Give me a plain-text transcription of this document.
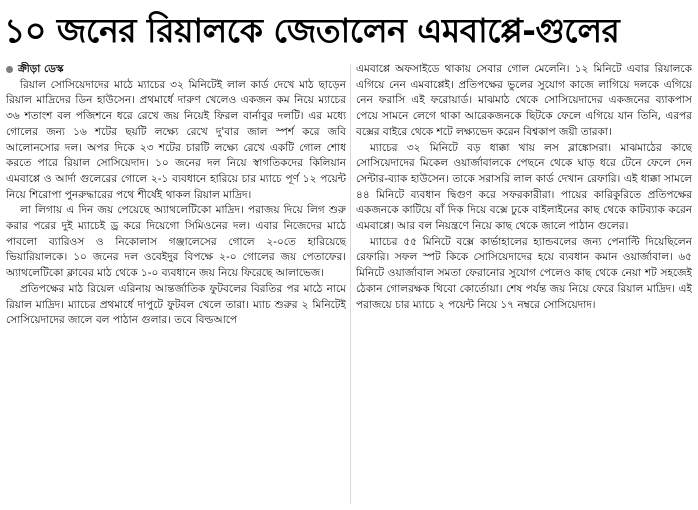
১০ জনের রিয়ালকে জেতালেন এমবাপ্পে-গুলের
ক্রীড়া ডেস্ক

রিয়াল সোসিয়েদাদের মাঠে ম্যাচের ৩২ মিনিটেই লাল কার্ড দেখে মাঠ ছাড়েন রিয়াল মাদ্রিদের ডিন হাউসেন। প্রথমার্ধে দারুণ খেলেও একজন কম নিয়ে ম্যাচের ৩৬ শতাংশ বল পজিশনে ধরে রেখে জয় নিয়েই ফিরল বার্নাবুর দলটি। এর মধ্যে গোলের জন্য ১৬ শটের ছয়টি লক্ষ্যে রেখে দু'বার জাল স্পর্শ করে জবি আলোনসোর দল। অপর দিকে ২৩ শটের চারটি লক্ষ্যে রেখে একটি গোল শোধ করতে পারে রিয়াল সোসিয়েদাদ। ১০ জনের দল নিয়ে স্বাগতিকদের কিলিয়ান এমবাপ্পে ও আর্দা গুলেরের গোলে ২-১ ব্যবধানে হারিয়ে চার ম্যাচে পূর্ণ ১২ পয়েন্ট নিয়ে শিরোপা পুনরুদ্ধারের পথে শীর্ষেই থাকল রিয়াল মাদ্রিদ।

লা লিগায় এ দিন জয় পেয়েছে অ্যাথলেটিকো মাদ্রিদ। পরাজয় দিয়ে লিগ শুরু করার পরের দুই ম্যাচেই ড্র করে দিয়েগো সিমিওনের দল। এবার নিজেদের মাঠে পাবলো ব্যারিওস ও নিকোলাস গঞ্জালেসের গোলে ২-০তে হারিয়েছে ভিয়ারিয়ালকে। ১০ জনের দল ওবেইদুর বিপক্ষে ২-০ গোলের জয় পেতাফের। অ্যাথলেটিকো ক্লাবের মাঠ থেকে ১-০ ব্যবধানে জয় নিয়ে ফিরেছে আলাভেজ।

প্রতিপক্ষের মাঠ রিয়েল এরিনায় আন্তর্জাতিক ফুটবলের বিরতির পর মাঠে নামে রিয়াল মাদ্রিদ। ম্যাচের প্রথমার্ধে দাপুটে ফুটবল খেলে তারা। ম্যাচ শুরুর ২ মিনিটেই সোসিয়েদাদের জালে বল পাঠান গুলার। তবে বিল্ডআপে

এমবাপ্পে অফসাইডে থাকায় সেবার গোল মেলেনি। ১২ মিনিটে এবার রিয়ালকে এগিয়ে নেন এমবাপ্পেই। প্রতিপক্ষের ভুলের সুযোগ কাজে লাগিয়ে দলকে এগিয়ে নেন ফরাসি এই ফরোয়ার্ড। মাঝমাঠ থেকে সোসিয়েদাদের একজনের ব্যাকপাস পেয়ে সামনে লেগে থাকা আরেকজনকে ছিটকে ফেলে এগিয়ে যান তিনি, এরপর বক্সের বাইরে থেকে শটে লক্ষ্যভেদ করেন বিশ্বকাপ জয়ী তারকা।

ম্যাচের ৩২ মিনিটে বড় ধাক্কা খায় লস ব্লাঙ্কোসরা। মাঝমাঠের কাছে সোসিয়েদাদের মিকেল ওয়ার্জাবালকে পেছনে থেকে ঘাড় ধরে টেনে ফেলে দেন সেন্টার-ব্যাক হাউসেন। তাকে সরাসরি লাল কার্ড দেখান রেফারি। এই ধাক্কা সামলে ৪৪ মিনিটে ব্যবধান দ্বিগুণ করে সফরকারীরা। পায়ের কারিকুরিতে প্রতিপক্ষের একজনকে কাটিয়ে বাঁ দিক দিয়ে বক্সে ঢুকে বাইলাইনের কাছ থেকে কাটব্যাক করেন এমবাপ্পে। আর বল নিয়ন্ত্রণে নিয়ে কাছ থেকে জালে পাঠান গুলের।

ম্যাচের ৫৫ মিনিটে বক্সে কার্ভাহালের হ্যান্ডবলের জন্য পেনাল্টি দিয়েছিলেন রেফারি। সফল স্পট কিকে সোসিয়েদাদের হয়ে ব্যবধান কমান ওয়ার্জাবাল। ৬৫ মিনিটে ওয়ার্জাবাল সমতা ফেরানোর সুযোগ পেলেও কাছ থেকে নেয়া শট সহজেই ঠেকান গোলরক্ষক থিবো কোর্তোয়া। শেষ পর্যন্ত জয় নিয়ে ফেরে রিয়াল মাদ্রিদ। এই পরাজয়ে চার ম্যাচে ২ পয়েন্ট নিয়ে ১৭ নম্বরে সোসিয়েদাদ।
